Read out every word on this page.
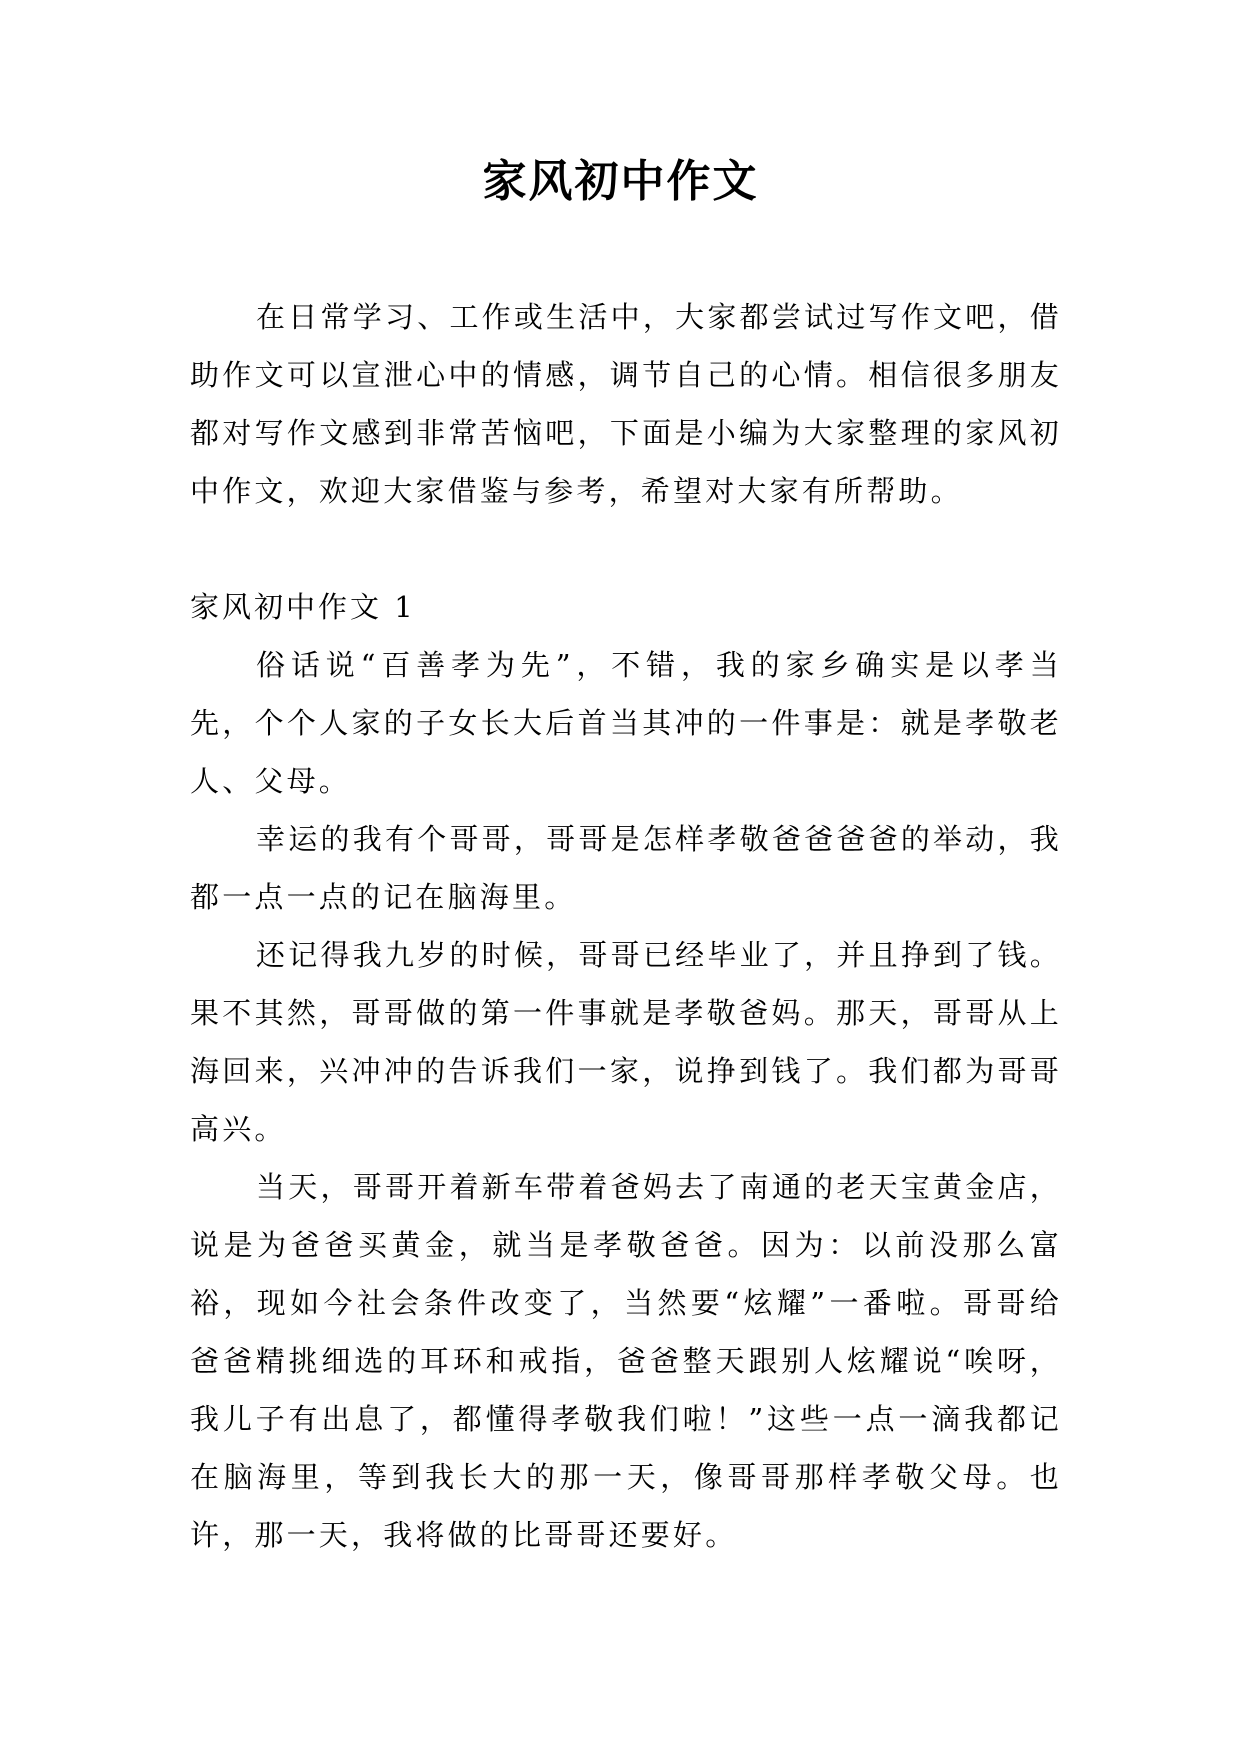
家风初中作文

在日常学习、工作或生活中，大家都尝试过写作文吧，借助作文可以宣泄心中的情感，调节自己的心情。相信很多朋友都对写作文感到非常苦恼吧，下面是小编为大家整理的家风初中作文，欢迎大家借鉴与参考，希望对大家有所帮助。

家风初中作文 1

俗话说“百善孝为先”，不错，我的家乡确实是以孝当先，个个人家的子女长大后首当其冲的一件事是：就是孝敬老人、父母。

幸运的我有个哥哥，哥哥是怎样孝敬爸爸爸爸的举动，我都一点一点的记在脑海里。

还记得我九岁的时候，哥哥已经毕业了，并且挣到了钱。果不其然，哥哥做的第一件事就是孝敬爸妈。那天，哥哥从上海回来，兴冲冲的告诉我们一家，说挣到钱了。我们都为哥哥高兴。

当天，哥哥开着新车带着爸妈去了南通的老天宝黄金店，说是为爸爸买黄金，就当是孝敬爸爸。因为：以前没那么富裕，现如今社会条件改变了，当然要“炫耀”一番啦。哥哥给爸爸精挑细选的耳环和戒指，爸爸整天跟别人炫耀说“唉呀，我儿子有出息了，都懂得孝敬我们啦！”这些一点一滴我都记在脑海里，等到我长大的那一天，像哥哥那样孝敬父母。也许，那一天，我将做的比哥哥还要好。
